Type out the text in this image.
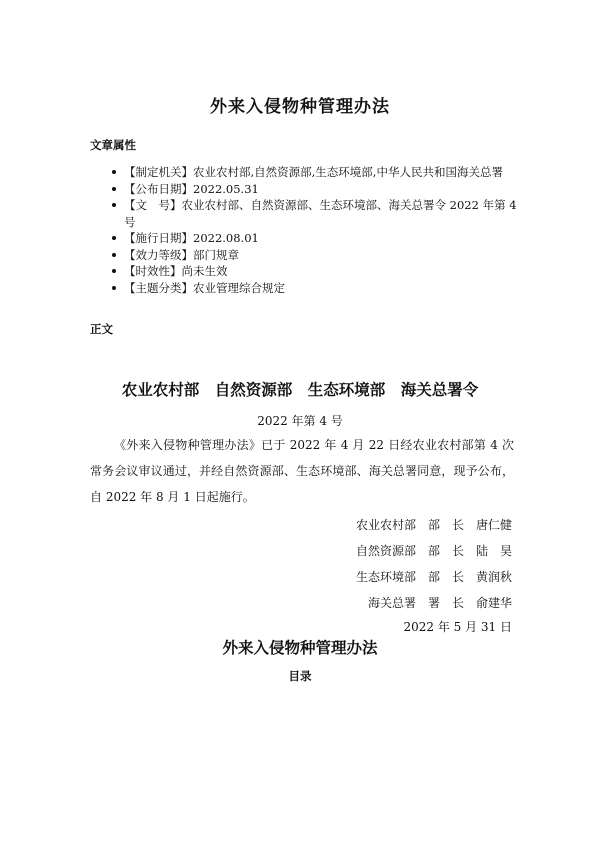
外来入侵物种管理办法
文章属性
【制定机关】农业农村部,自然资源部,生态环境部,中华人民共和国海关总署
【公布日期】2022.05.31
【文　号】农业农村部、自然资源部、生态环境部、海关总署令 2022 年第 4 号
【施行日期】2022.08.01
【效力等级】部门规章
【时效性】尚未生效
【主题分类】农业管理综合规定
正文
农业农村部　自然资源部　生态环境部　海关总署令
2022 年第 4 号

《外来入侵物种管理办法》已于 2022 年 4 月 22 日经农业农村部第 4 次常务会议审议通过，并经自然资源部、生态环境部、海关总署同意，现予公布，自 2022 年 8 月 1 日起施行。

农业农村部　部　长　唐仁健
自然资源部　部　长　陆　昊
生态环境部　部　长　黄润秋
海关总署　署　长　俞建华
2022 年 5 月 31 日
外来入侵物种管理办法
目录
